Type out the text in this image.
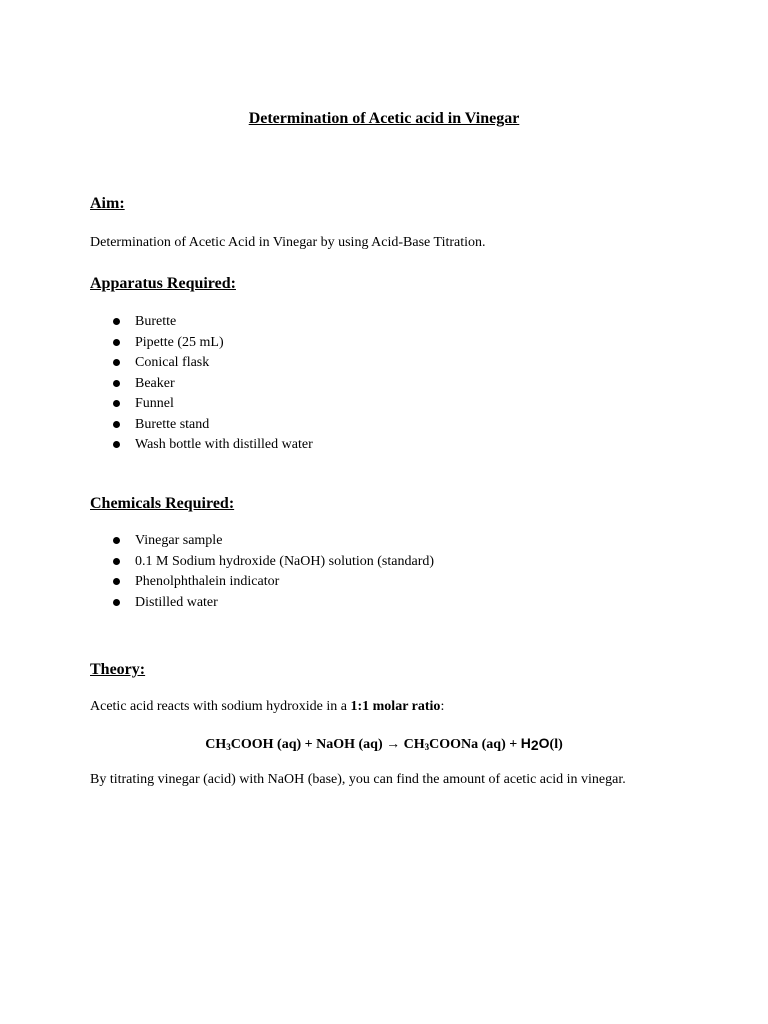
Determination of Acetic acid in Vinegar
Aim:
Determination of Acetic Acid in Vinegar by using Acid-Base Titration.
Apparatus Required:
Burette
Pipette (25 mL)
Conical flask
Beaker
Funnel
Burette stand
Wash bottle with distilled water
Chemicals Required:
Vinegar sample
0.1 M Sodium hydroxide (NaOH) solution (standard)
Phenolphthalein indicator
Distilled water
Theory:
Acetic acid reacts with sodium hydroxide in a 1:1 molar ratio:
$CH_3COOH$ (aq) + NaOH $(aq) \to CH_3COONa$ $(aq) + H_2O(l)$
By titrating vinegar (acid) with NaOH (base), you can find the amount of acetic acid in vinegar.
